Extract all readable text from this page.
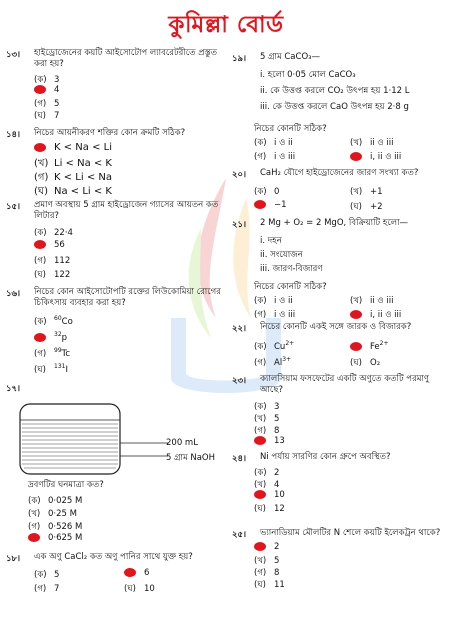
কুমিল্লা বোর্ড
১৩। হাইড্রোজেনের কয়টি আইসোটোপ ল্যাবরেটরীতে প্রস্তুত করা হয়?
(ক) 3
4
(গ) 5
(ঘ) 7
১৪। নিচের আয়নীকরণ শক্তির কোন ক্রমটি সঠিক?
K < Na < Li
(খ) Li < Na < K
(গ) K < Li < Na
(ঘ) Na < Li < K
১৫। প্রমাণ অবস্থায় 5 গ্রাম হাইড্রোজেন গ্যাসের আয়তন কত লিটার?
(ক) 22·4
56
(গ) 112
(ঘ) 122
১৬। নিচের কোন আইসোটোপটি রক্তের লিউকোমিয়া রোগের চিকিৎসায় ব্যবহার করা হয়?
(ক) $^{60}$Co
$^{32}$p
(গ) $^{99}$Tc
(ঘ) $^{131}$I
১৭।
200 mL
5 গ্রাম NaOH
দ্রবণটির ঘনমাত্রা কত?
(ক) 0·025 M
(খ) 0·25 M
(গ) 0·526 M
0·625 M
১৮। এক অণু CaCl₂ কত অণু পানির সাথে যুক্ত হয়?
(ক) 5	6
(গ) 7	(ঘ) 10
১৯। 5 গ্রাম CaCO₃—
i. হলো 0·05 মোল CaCO₃
ii. কে উত্তপ্ত করলে CO₂ উৎপন্ন হয় 1·12 L
iii. কে উত্তপ্ত করলে CaO উৎপন্ন হয় 2·8 g
নিচের কোনটি সঠিক?
(ক) i ও ii	(খ) ii ও iii
(গ) i ও iii	i, ii ও iii
২০। CaH₂ যৌগে হাইড্রোজেনের জারণ সংখ্যা কত?
(ক) 0	(খ) +1
−1	(ঘ) +2
২১। 2 Mg + O₂ = 2 MgO, বিক্রিয়াটি হলো—
i. দহন
ii. সংযোজন
iii. জারণ-বিজারণ
নিচের কোনটি সঠিক?
(ক) i ও ii	(খ) ii ও iii
(গ) i ও iii	i, ii ও iii
২২। নিচের কোনটি একই সঙ্গে জারক ও বিজারক?
(ক) $Cu^{2+}$	$Fe^{2+}$
(গ) $Al^{3+}$	(ঘ) O₂
২৩। ক্যালসিয়াম ফসফেটের একটি অণুতে কতটি পরমাণু আছে?
(ক) 3
(খ) 5
(গ) 8
13
২৪। Ni পর্যায় সারণির কোন গ্রুপে অবস্থিত?
(ক) 2
(খ) 4
10
(ঘ) 12
২৫। ভ্যানাডিয়াম মৌলটির N শেলে কয়টি ইলেকট্রন থাকে?
2
(খ) 5
(গ) 8
(ঘ) 11
